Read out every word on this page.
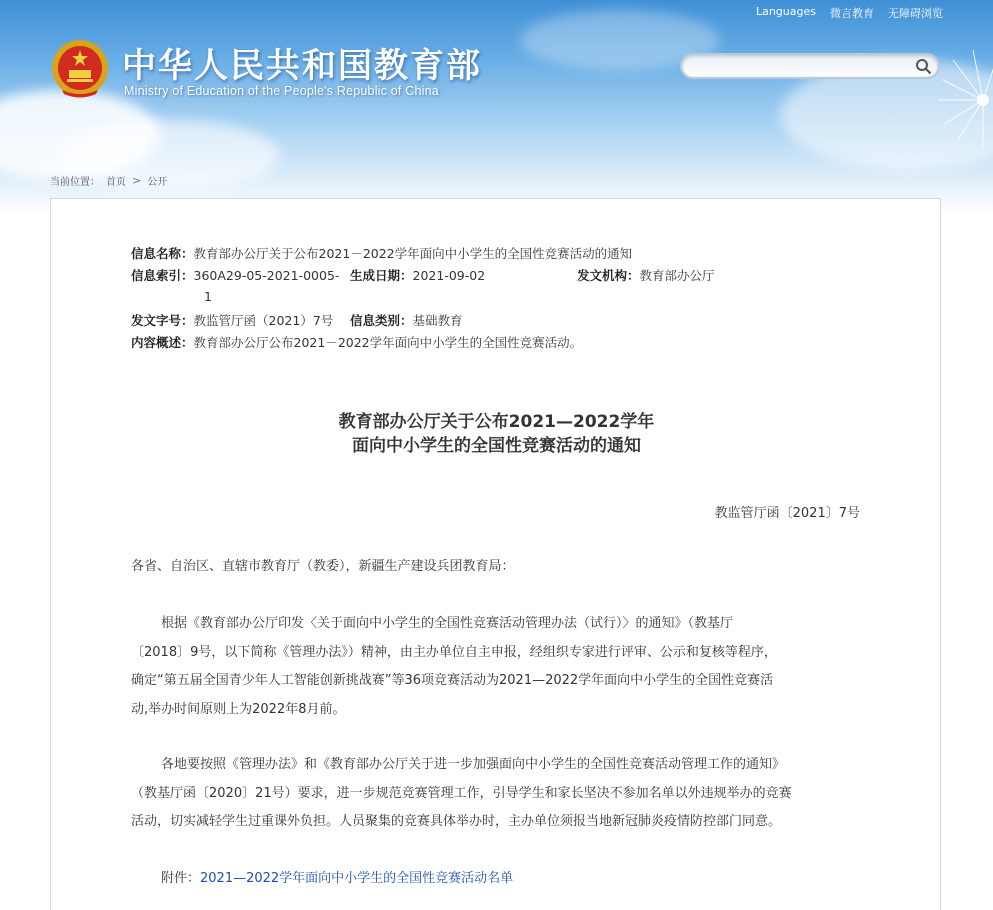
Languages 微言教育 无障碍浏览
中华人民共和国教育部
Ministry of Education of the People's Republic of China
当前位置： 首页 > 公开
信息名称：教育部办公厅关于公布2021－2022学年面向中小学生的全国性竞赛活动的通知
信息索引：360A29-05-2021-0005-
1
生成日期：2021-09-02	发文机构：教育部办公厅
发文字号：教监管厅函（2021）7号 信息类别：基础教育
内容概述：教育部办公厅公布2021－2022学年面向中小学生的全国性竞赛活动。
教育部办公厅关于公布2021—2022学年
面向中小学生的全国性竞赛活动的通知
教监管厅函〔2021〕7号
各省、自治区、直辖市教育厅（教委），新疆生产建设兵团教育局：
根据《教育部办公厅印发〈关于面向中小学生的全国性竞赛活动管理办法（试行）〉的通知》（教基厅
〔2018〕9号，以下简称《管理办法》）精神，由主办单位自主申报，经组织专家进行评审、公示和复核等程序，
确定“第五届全国青少年人工智能创新挑战赛”等36项竞赛活动为2021—2022学年面向中小学生的全国性竞赛活
动,举办时间原则上为2022年8月前。
各地要按照《管理办法》和《教育部办公厅关于进一步加强面向中小学生的全国性竞赛活动管理工作的通知》
（教基厅函〔2020〕21号）要求，进一步规范竞赛管理工作，引导学生和家长坚决不参加名单以外违规举办的竞赛
活动，切实减轻学生过重课外负担。人员聚集的竞赛具体举办时，主办单位须报当地新冠肺炎疫情防控部门同意。
附件：2021—2022学年面向中小学生的全国性竞赛活动名单
